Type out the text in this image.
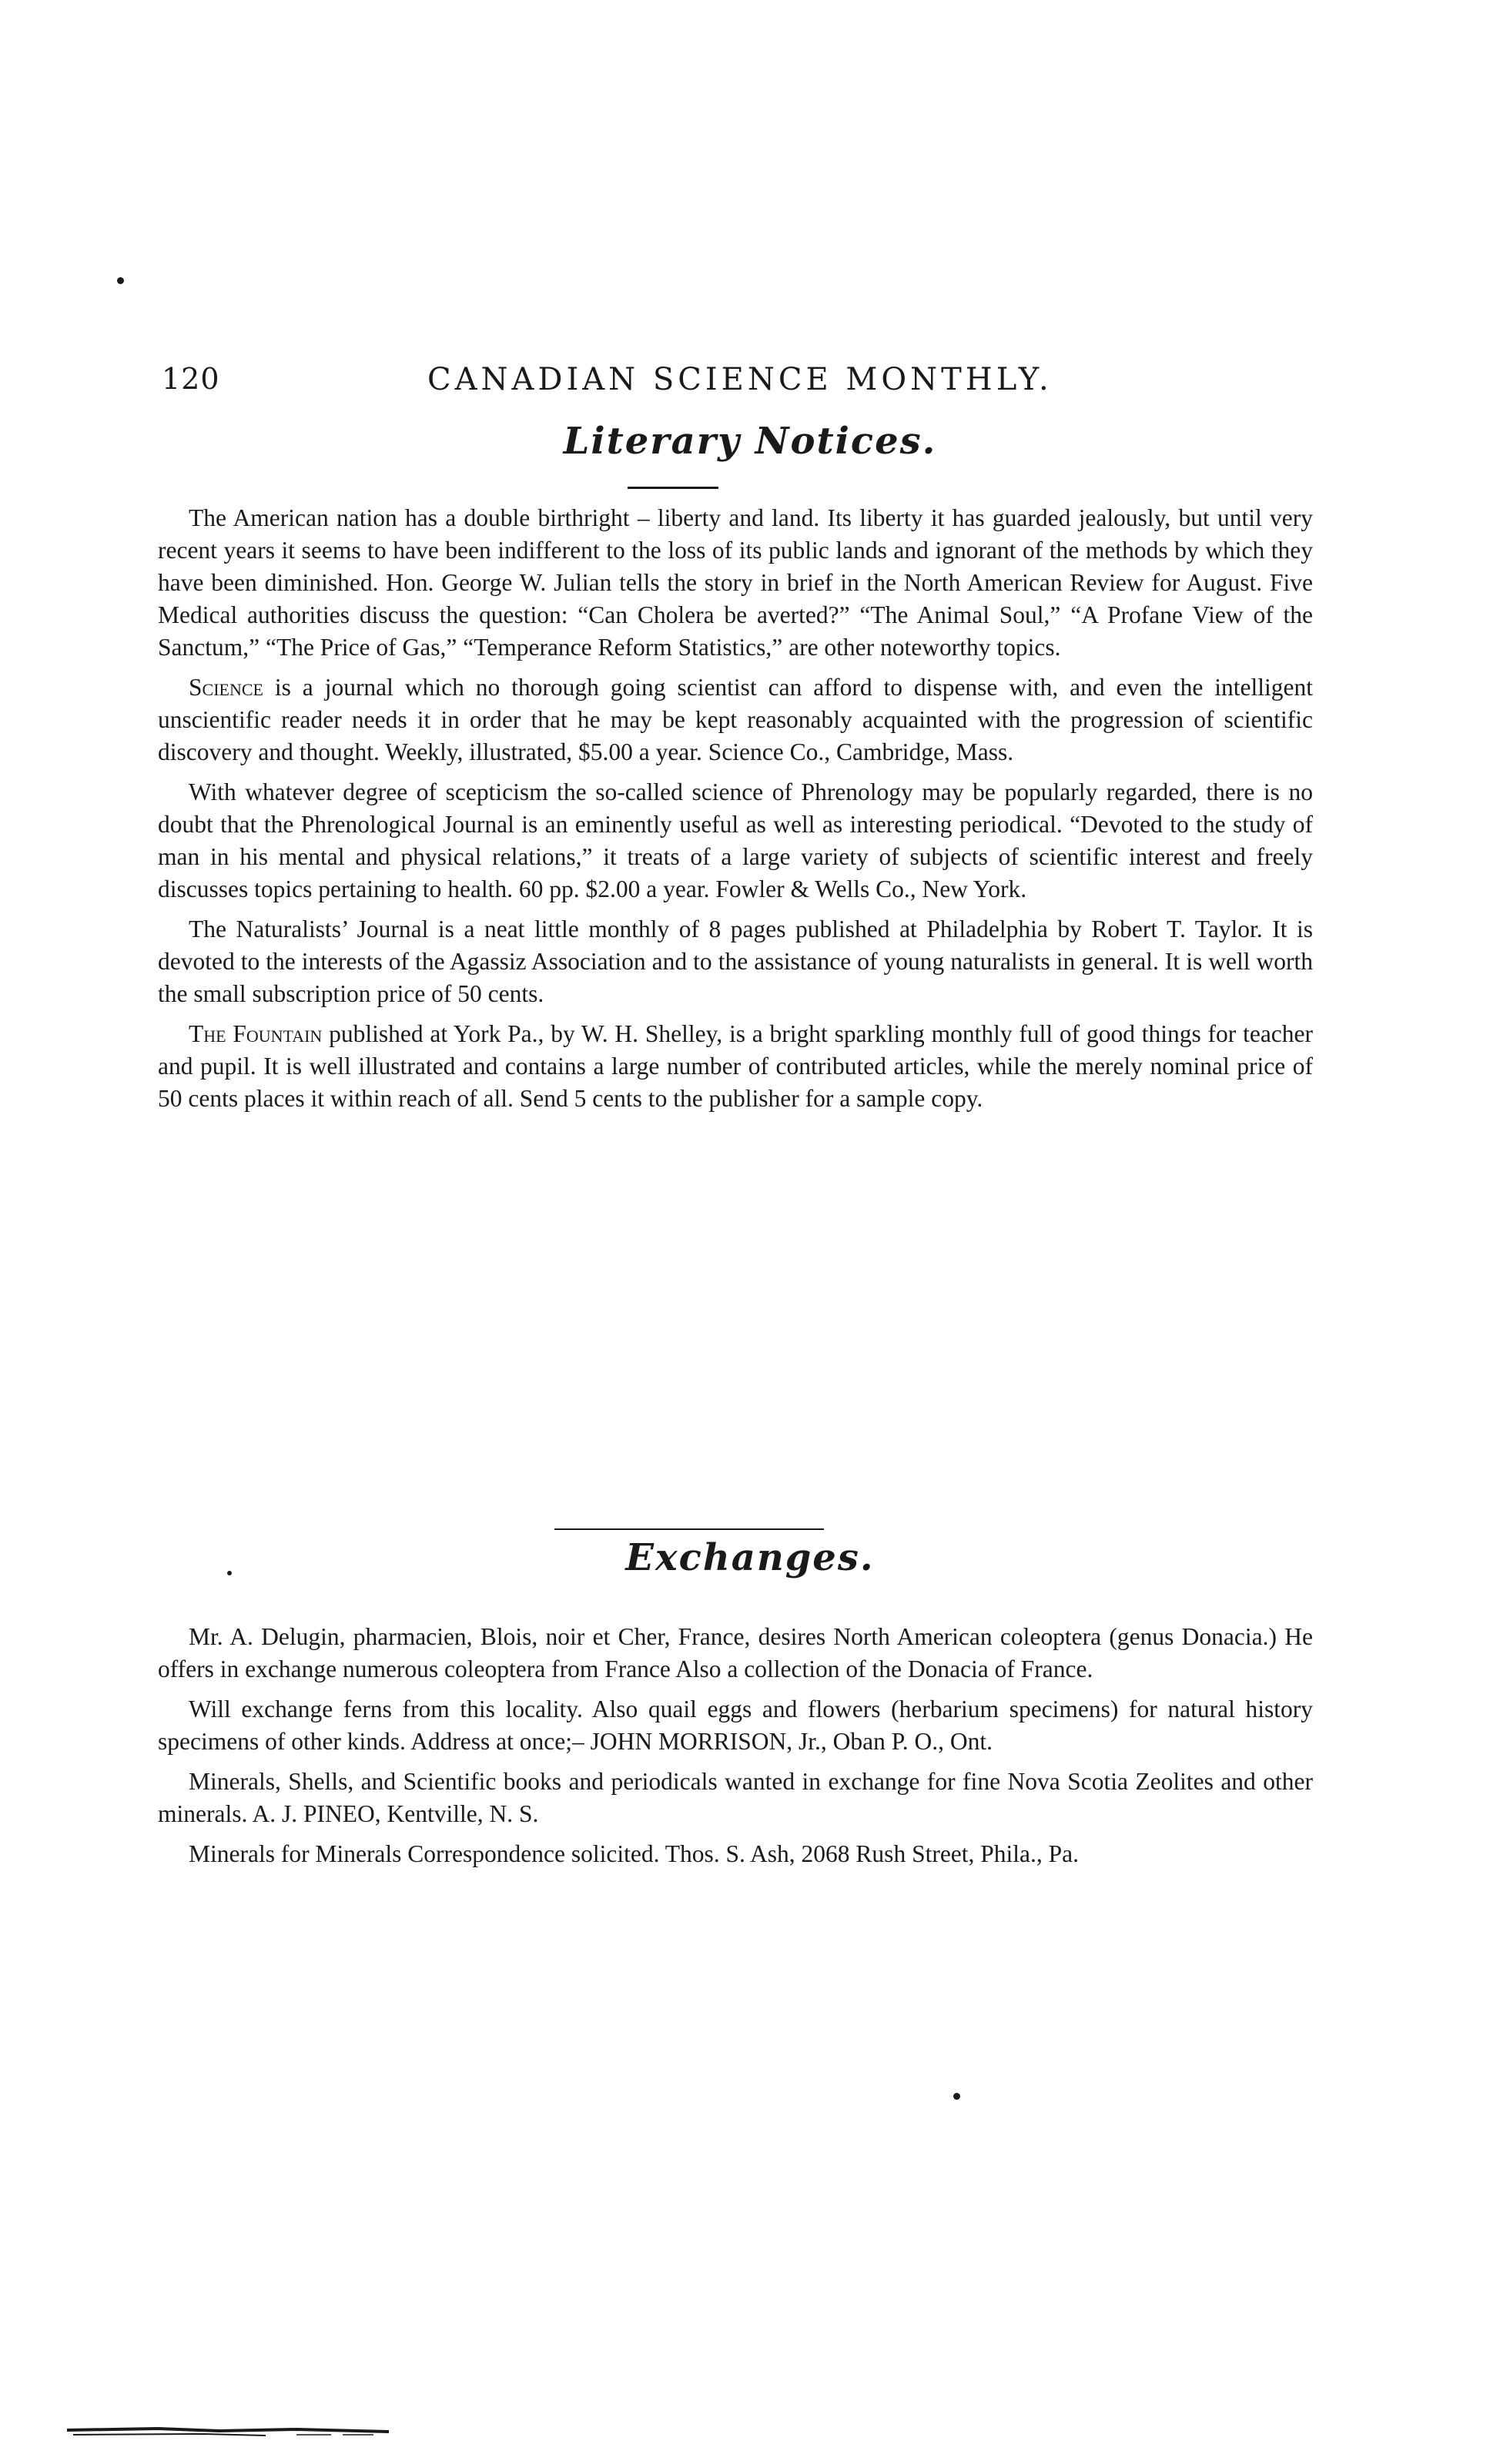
120	CANADIAN SCIENCE MONTHLY.
Literary Notices.

The American nation has a double birthright – liberty and land. Its liberty it has guarded jealously, but until very recent years it seems to have been indifferent to the loss of its public lands and ignorant of the methods by which they have been diminished. Hon. George W. Julian tells the story in brief in the North American Review for August. Five Medical authorities discuss the question: “Can Cholera be averted?” “The Animal Soul,” “A Profane View of the Sanctum,” “The Price of Gas,” “Temperance Reform Statistics,” are other noteworthy topics.

Science is a journal which no thorough going scientist can afford to dispense with, and even the intelligent unscientific reader needs it in order that he may be kept reasonably acquainted with the progression of scientific discovery and thought. Weekly, illustrated, $5.00 a year. Science Co., Cambridge, Mass.

With whatever degree of scepticism the so-called science of Phrenology may be popularly regarded, there is no doubt that the Phrenological Journal is an eminently useful as well as interesting periodical. “Devoted to the study of man in his mental and physical relations,” it treats of a large variety of subjects of scientific interest and freely discusses topics pertaining to health. 60 pp. $2.00 a year. Fowler & Wells Co., New York.

The Naturalists’ Journal is a neat little monthly of 8 pages published at Philadelphia by Robert T. Taylor. It is devoted to the interests of the Agassiz Association and to the assistance of young naturalists in general. It is well worth the small subscription price of 50 cents.

The Fountain published at York Pa., by W. H. Shelley, is a bright sparkling monthly full of good things for teacher and pupil. It is well illustrated and contains a large number of contributed articles, while the merely nominal price of 50 cents places it within reach of all. Send 5 cents to the publisher for a sample copy.

Exchanges.

Mr. A. Delugin, pharmacien, Blois, noir et Cher, France, desires North American coleoptera (genus Donacia.) He offers in exchange numerous coleoptera from France Also a collection of the Donacia of France.

Will exchange ferns from this locality. Also quail eggs and flowers (herbarium specimens) for natural history specimens of other kinds. Address at once;– JOHN MORRISON, Jr., Oban P. O., Ont.

Minerals, Shells, and Scientific books and periodicals wanted in exchange for fine Nova Scotia Zeolites and other minerals. A. J. PINEO, Kentville, N. S.

Minerals for Minerals Correspondence solicited. Thos. S. Ash, 2068 Rush Street, Phila., Pa.
